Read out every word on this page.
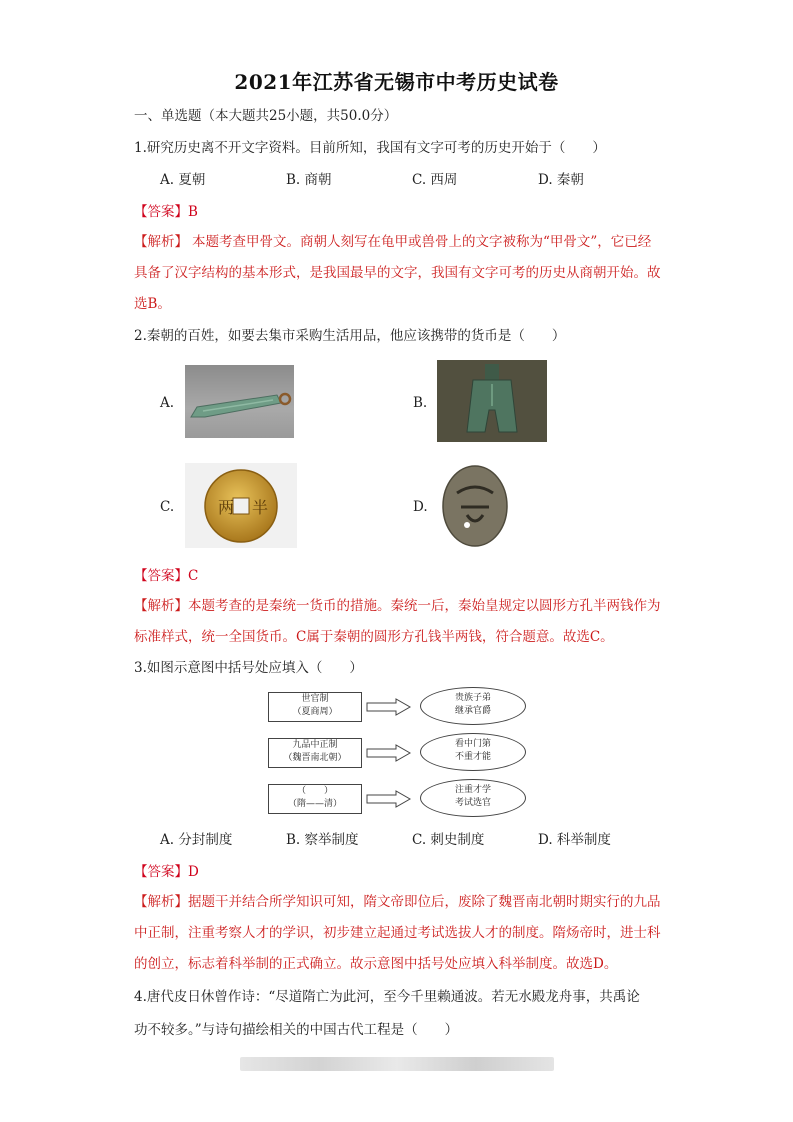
2021年江苏省无锡市中考历史试卷
一、单选题（本大题共25小题，共50.0分）
1.研究历史离不开文字资料。目前所知，我国有文字可考的历史开始于（　　）
A. 夏朝	B. 商朝	C. 西周	D. 秦朝
【答案】B
【解析】 本题考查甲骨文。商朝人刻写在龟甲或兽骨上的文字被称为“甲骨文”，它已经具备了汉字结构的基本形式，是我国最早的文字，我国有文字可考的历史从商朝开始。故选B。
2.秦朝的百姓，如要去集市采购生活用品，他应该携带的货币是（　　）
A.	B.
C.	两 半	D.
【答案】C
【解析】本题考查的是秦统一货币的措施。秦统一后，秦始皇规定以圆形方孔半两钱作为标准样式，统一全国货币。C属于秦朝的圆形方孔钱半两钱，符合题意。故选C。
3.如图示意图中括号处应填入（　　）
世官制
（夏商周）
贵族子弟
继承官爵
九品中正制
（魏晋南北朝）
看中门第
不重才能
（　　）
（隋——清）
注重才学
考试选官
A. 分封制度	B. 察举制度	C. 刺史制度	D. 科举制度
【答案】D
【解析】据题干并结合所学知识可知，隋文帝即位后，废除了魏晋南北朝时期实行的九品中正制，注重考察人才的学识，初步建立起通过考试选拔人才的制度。隋炀帝时，进士科的创立，标志着科举制的正式确立。故示意图中括号处应填入科举制度。故选D。
4.唐代皮日休曾作诗：“尽道隋亡为此河，至今千里赖通波。若无水殿龙舟事，共禹论
功不较多。”与诗句描绘相关的中国古代工程是（　　）
